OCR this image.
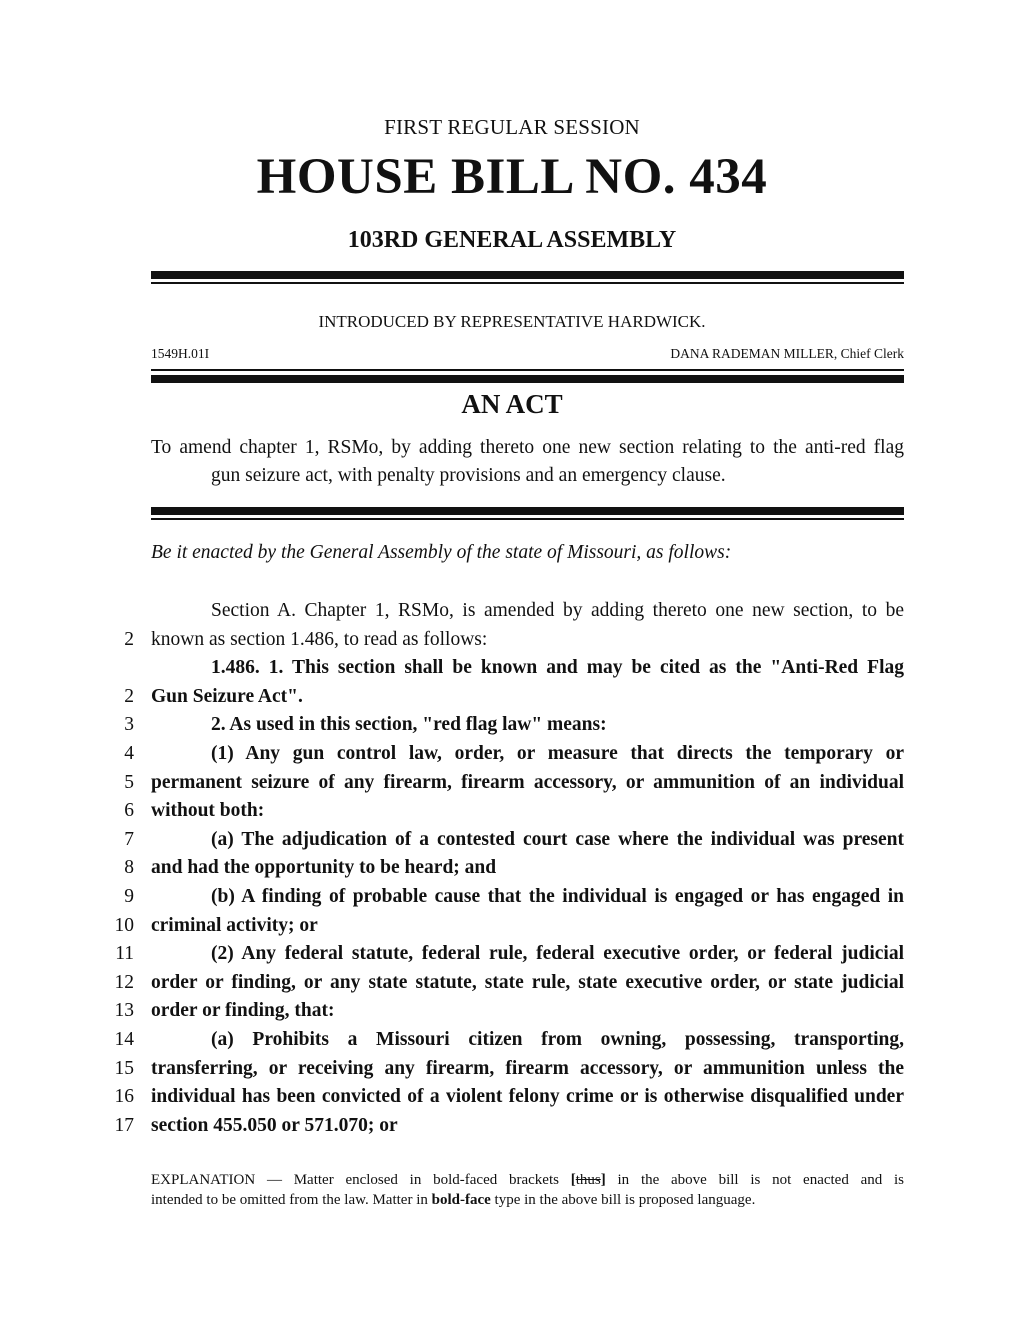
FIRST REGULAR SESSION
HOUSE BILL NO. 434
103RD GENERAL ASSEMBLY
INTRODUCED BY REPRESENTATIVE HARDWICK.
1549H.01I	DANA RADEMAN MILLER, Chief Clerk
AN ACT
To amend chapter 1, RSMo, by adding thereto one new section relating to the anti-red flag
gun seizure act, with penalty provisions and an emergency clause.
Be it enacted by the General Assembly of the state of Missouri, as follows:
Section A. Chapter 1, RSMo, is amended by adding thereto one new section, to be
2 known as section 1.486, to read as follows:
1.486. 1. This section shall be known and may be cited as the "Anti-Red Flag
2 Gun Seizure Act".
3	2. As used in this section, "red flag law" means:
4	(1) Any gun control law, order, or measure that directs the temporary or
5 permanent seizure of any firearm, firearm accessory, or ammunition of an individual
6 without both:
7	(a) The adjudication of a contested court case where the individual was present
8 and had the opportunity to be heard; and
9	(b) A finding of probable cause that the individual is engaged or has engaged in
10 criminal activity; or
11	(2) Any federal statute, federal rule, federal executive order, or federal judicial
12 order or finding, or any state statute, state rule, state executive order, or state judicial
13 order or finding, that:
14	(a) Prohibits a Missouri citizen from owning, possessing, transporting,
15 transferring, or receiving any firearm, firearm accessory, or ammunition unless the
16 individual has been convicted of a violent felony crime or is otherwise disqualified under
17 section 455.050 or 571.070; or
EXPLANATION — Matter enclosed in bold-faced brackets [thus] in the above bill is not enacted and is
intended to be omitted from the law. Matter in bold-face type in the above bill is proposed language.
